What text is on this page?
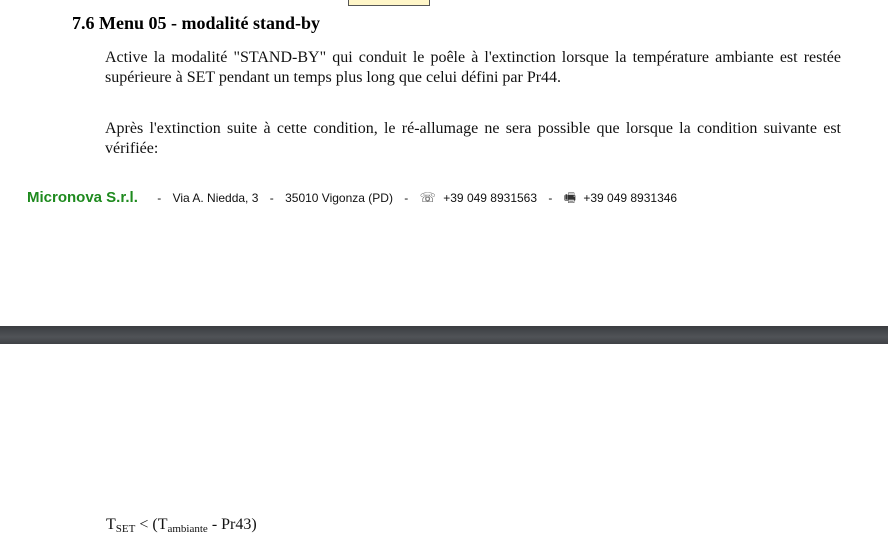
7.6 Menu 05 - modalité stand-by

Active la modalité "STAND-BY" qui conduit le poêle à l'extinction lorsque la température ambiante est restée supérieure à SET pendant un temps plus long que celui défini par Pr44.

Après l'extinction suite à cette condition, le ré-allumage ne sera possible que lorsque la condition suivante est vérifiée:

Micronova S.r.l. - Via A. Niedda, 3 - 35010 Vigonza (PD) - ☏ +39 049 8931563 - 🖷 +39 049 8931346
$T_{SET} < (T_{ambiante} - Pr43)$
